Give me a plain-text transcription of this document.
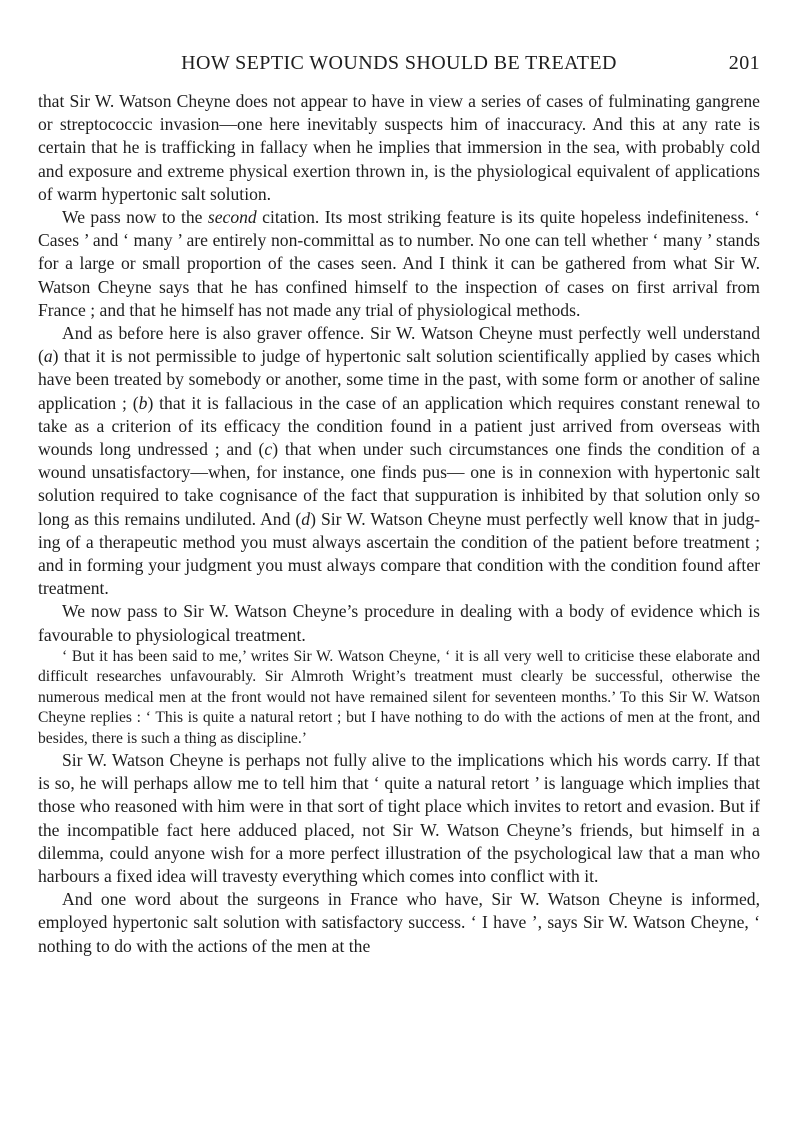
HOW SEPTIC WOUNDS SHOULD BE TREATED	201

that Sir W. Watson Cheyne does not appear to have in view a series of cases of fulminating gangrene or streptococcic invasion—one here inevitably suspects him of inaccuracy. And this at any rate is certain that he is trafficking in fallacy when he implies that immersion in the sea, with probably cold and exposure and extreme physical exertion thrown in, is the physiological equivalent of applications of warm hypertonic salt solution.

We pass now to the second citation. Its most striking feature is its quite hopeless indefiniteness. ‘ Cases ’ and ‘ many ’ are entirely non-committal as to number. No one can tell whether ‘ many ’ stands for a large or small proportion of the cases seen. And I think it can be gathered from what Sir W. Watson Cheyne says that he has confined himself to the inspection of cases on first arrival from France ; and that he himself has not made any trial of physiological methods.

And as before here is also graver offence. Sir W. Watson Cheyne must perfectly well understand (a) that it is not permissible to judge of hypertonic salt solution scientifically applied by cases which have been treated by somebody or another, some time in the past, with some form or another of saline application ; (b) that it is fallacious in the case of an application which requires constant renewal to take as a criterion of its efficacy the condition found in a patient just arrived from overseas with wounds long undressed ; and (c) that when under such circumstances one finds the condition of a wound unsatisfactory—when, for instance, one finds pus— one is in connexion with hypertonic salt solution required to take cognisance of the fact that suppuration is inhibited by that solution only so long as this remains undiluted. And (d) Sir W. Watson Cheyne must perfectly well know that in judging of a therapeutic method you must always ascertain the condition of the patient before treatment ; and in forming your judgment you must always compare that condition with the condition found after treatment.

We now pass to Sir W. Watson Cheyne’s procedure in dealing with a body of evidence which is favourable to physiological treatment.

‘ But it has been said to me,’ writes Sir W. Watson Cheyne, ‘ it is all very well to criticise these elaborate and difficult researches unfavourably. Sir Almroth Wright’s treatment must clearly be successful, otherwise the numerous medical men at the front would not have remained silent for seventeen months.’ To this Sir W. Watson Cheyne replies : ‘ This is quite a natural retort ; but I have nothing to do with the actions of men at the front, and besides, there is such a thing as discipline.’

Sir W. Watson Cheyne is perhaps not fully alive to the implications which his words carry. If that is so, he will perhaps allow me to tell him that ‘ quite a natural retort ’ is language which implies that those who reasoned with him were in that sort of tight place which invites to retort and evasion. But if the incompatible fact here adduced placed, not Sir W. Watson Cheyne’s friends, but himself in a dilemma, could anyone wish for a more perfect illustration of the psychological law that a man who harbours a fixed idea will travesty everything which comes into conflict with it.

And one word about the surgeons in France who have, Sir W. Watson Cheyne is informed, employed hypertonic salt solution with satisfactory success. ‘ I have ’, says Sir W. Watson Cheyne, ‘ nothing to do with the actions of the men at the
